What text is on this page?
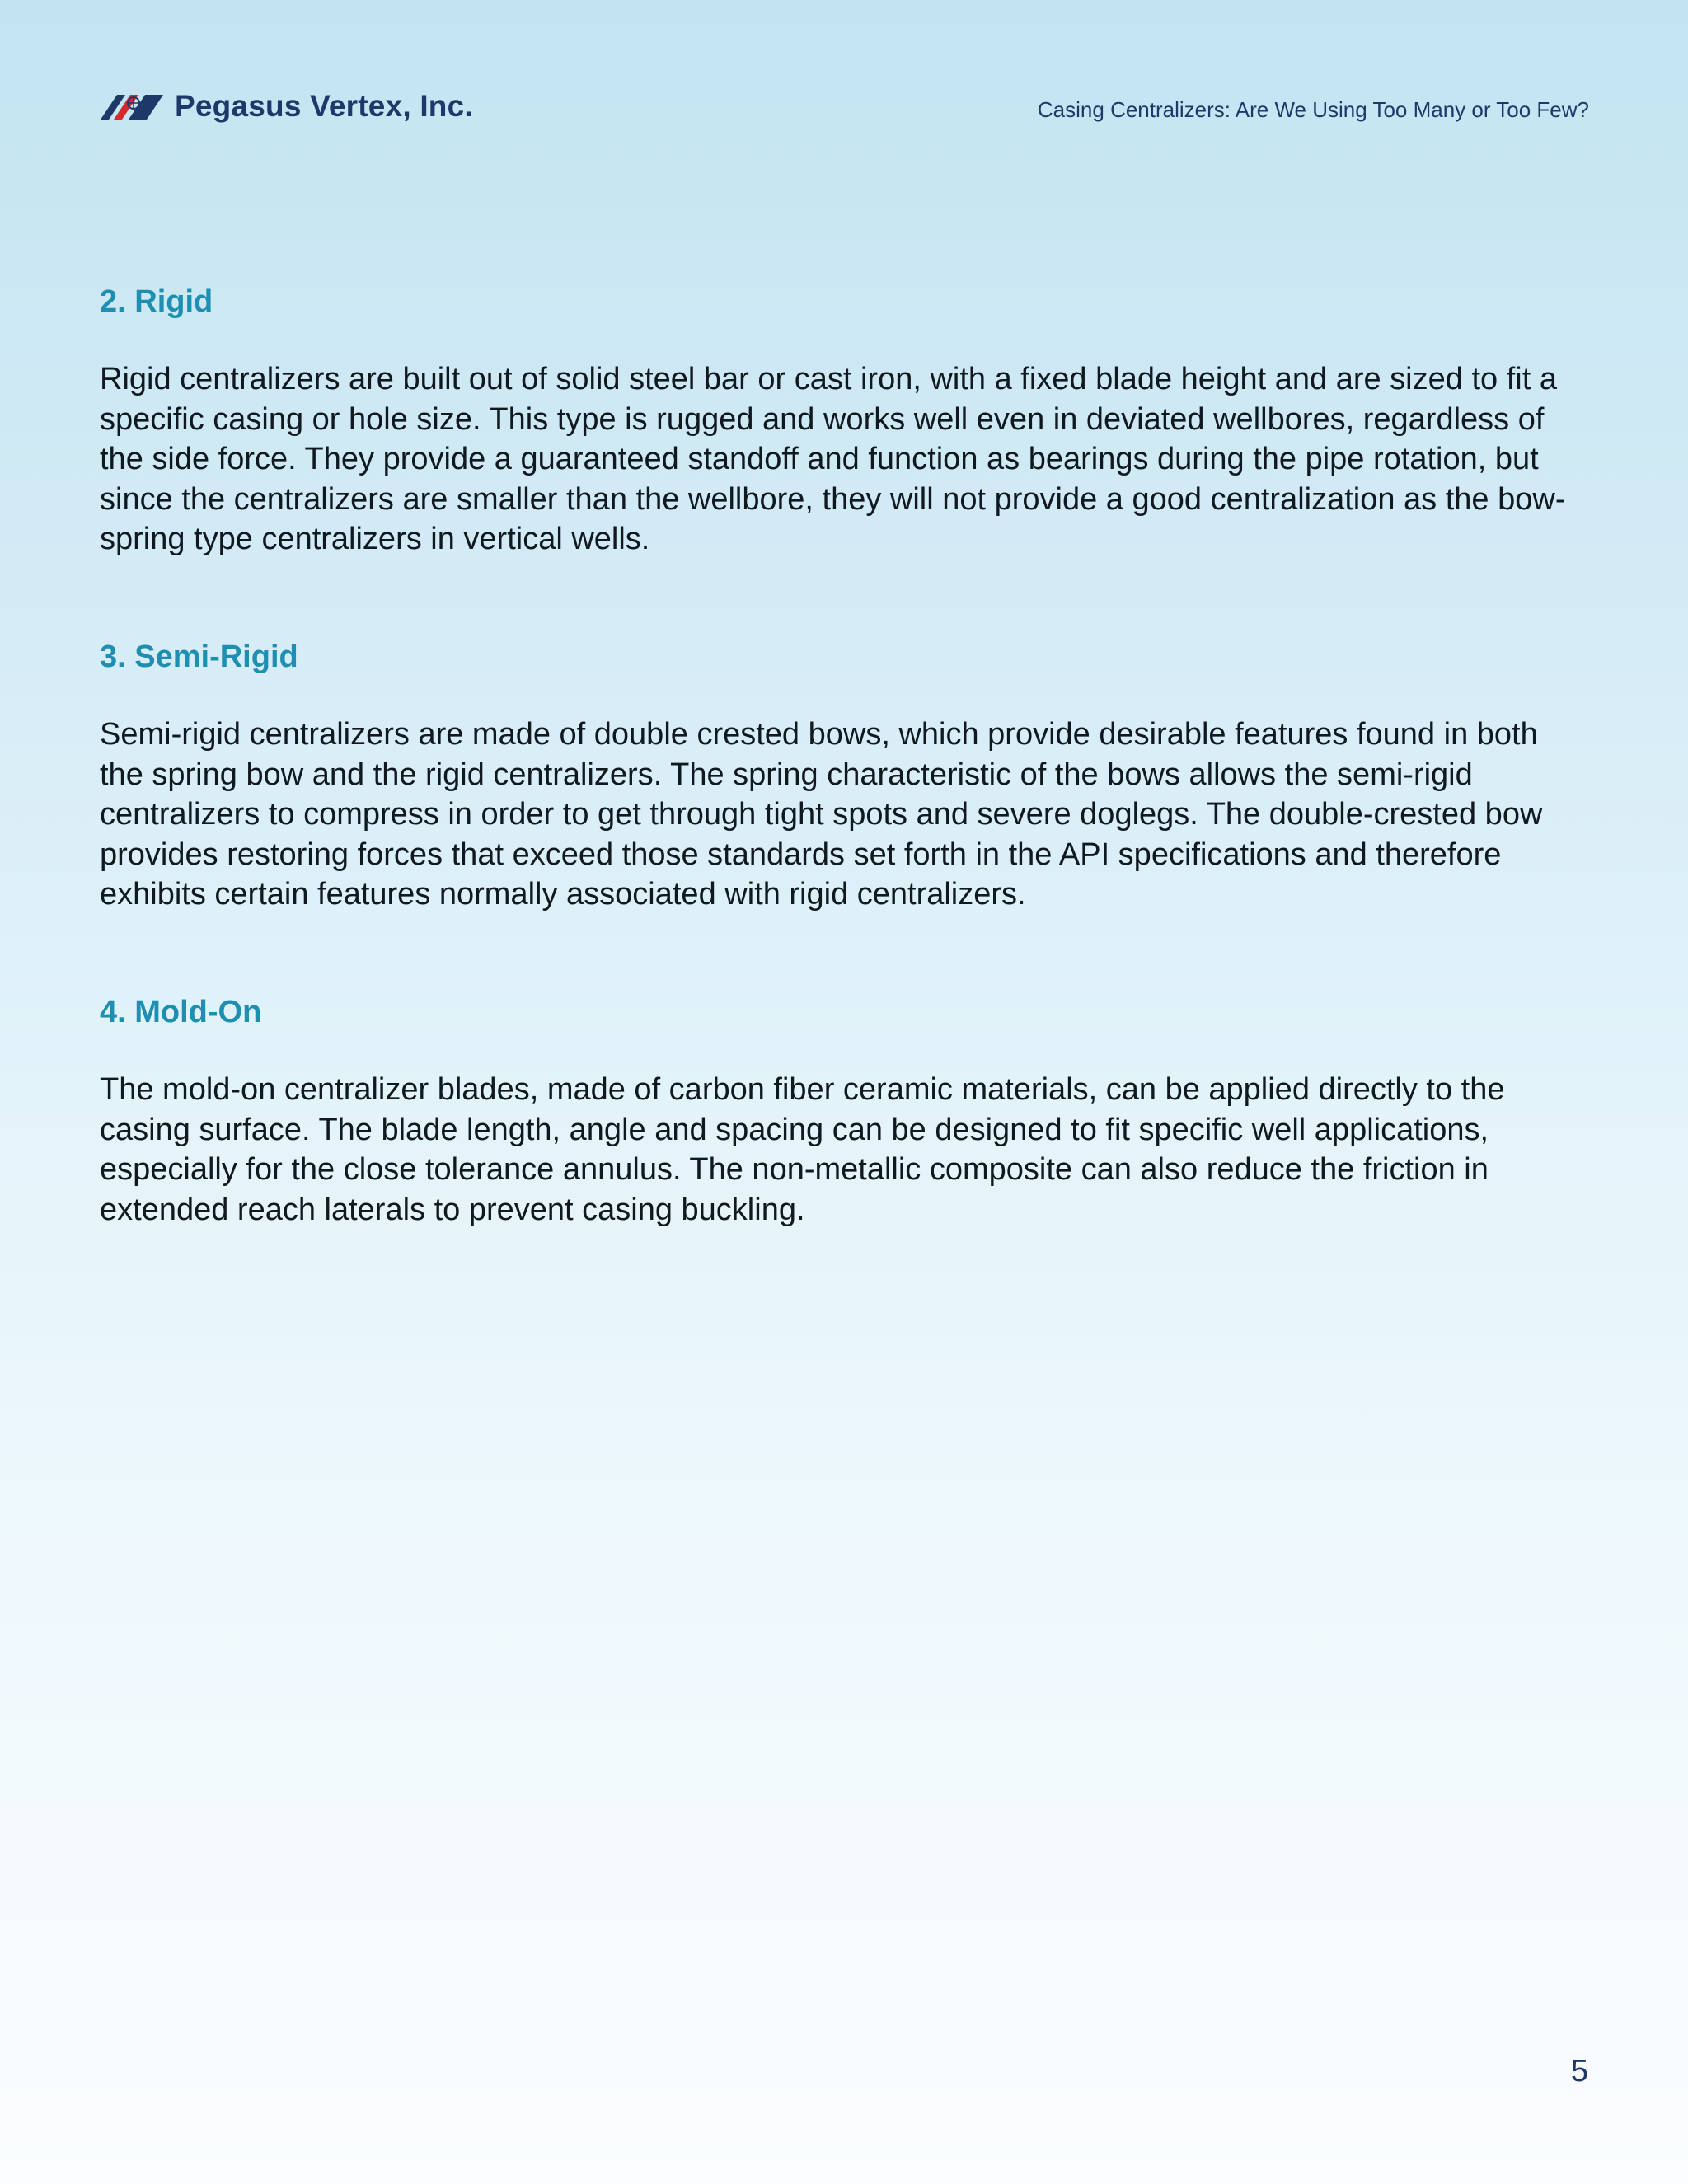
Pegasus Vertex, Inc.	Casing Centralizers: Are We Using Too Many or Too Few?
2. Rigid

Rigid centralizers are built out of solid steel bar or cast iron, with a fixed blade height and are sized to fit a specific casing or hole size. This type is rugged and works well even in deviated wellbores, regardless of the side force. They provide a guaranteed standoff and function as bearings during the pipe rotation, but since the centralizers are smaller than the wellbore, they will not provide a good centralization as the bow-spring type centralizers in vertical wells.

3. Semi-Rigid

Semi-rigid centralizers are made of double crested bows, which provide desirable features found in both the spring bow and the rigid centralizers. The spring characteristic of the bows allows the semi-rigid centralizers to compress in order to get through tight spots and severe doglegs. The double-crested bow provides restoring forces that exceed those standards set forth in the API specifications and therefore exhibits certain features normally associated with rigid centralizers.

4. Mold-On

The mold-on centralizer blades, made of carbon fiber ceramic materials, can be applied directly to the casing surface. The blade length, angle and spacing can be designed to fit specific well applications, especially for the close tolerance annulus. The non-metallic composite can also reduce the friction in extended reach laterals to prevent casing buckling.

5
